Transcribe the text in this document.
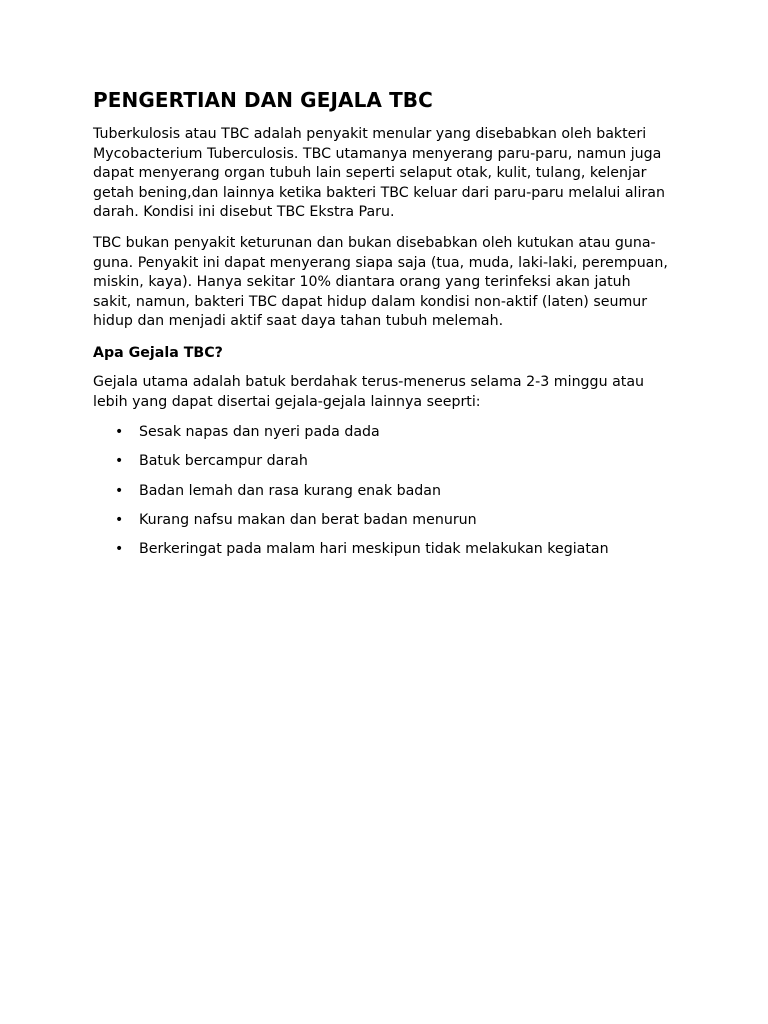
PENGERTIAN DAN GEJALA TBC

Tuberkulosis atau TBC adalah penyakit menular yang disebabkan oleh bakteri Mycobacterium Tuberculosis. TBC utamanya menyerang paru-paru, namun juga dapat menyerang organ tubuh lain seperti selaput otak, kulit, tulang, kelenjar getah bening,dan lainnya ketika bakteri TBC keluar dari paru-paru melalui aliran darah. Kondisi ini disebut TBC Ekstra Paru.

TBC bukan penyakit keturunan dan bukan disebabkan oleh kutukan atau guna-guna. Penyakit ini dapat menyerang siapa saja (tua, muda, laki-laki, perempuan, miskin, kaya). Hanya sekitar 10% diantara orang yang terinfeksi akan jatuh sakit, namun, bakteri TBC dapat hidup dalam kondisi non-aktif (laten) seumur hidup dan menjadi aktif saat daya tahan tubuh melemah.

Apa Gejala TBC?

Gejala utama adalah batuk berdahak terus-menerus selama 2-3 minggu atau lebih yang dapat disertai gejala-gejala lainnya seeprti:

• Sesak napas dan nyeri pada dada
• Batuk bercampur darah
• Badan lemah dan rasa kurang enak badan
• Kurang nafsu makan dan berat badan menurun
• Berkeringat pada malam hari meskipun tidak melakukan kegiatan
